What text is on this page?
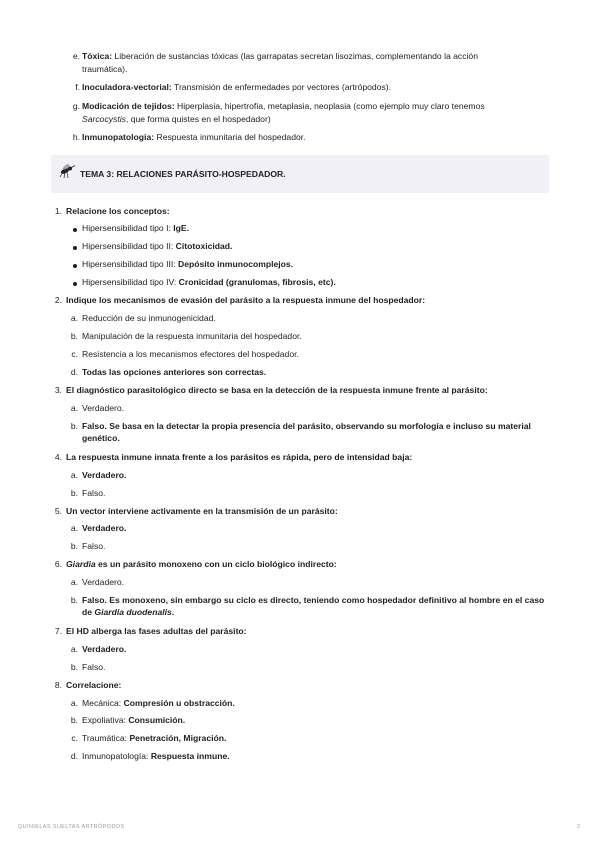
e. Tóxica: Liberación de sustancias tóxicas (las garrapatas secretan lisozimas, complementando la acción
traumática).
f. Inoculadora-vectorial: Transmisión de enfermedades por vectores (artrópodos).
g. Modicación de tejidos: Hiperplasia, hipertrofia, metaplasia, neoplasia (como ejemplo muy claro tenemos
Sarcocystis, que forma quistes en el hospedador)
h. Inmunopatología: Respuesta inmunitaria del hospedador.
TEMA 3: RELACIONES PARÁSITO-HOSPEDADOR.
1. Relacione los conceptos:
Hipersensibilidad tipo I: IgE.
Hipersensibilidad tipo II: Citotoxicidad.
Hipersensibilidad tipo III: Depósito inmunocomplejos.
Hipersensibilidad tipo IV: Cronicidad (granulomas, fibrosis, etc).
2. Indique los mecanismos de evasión del parásito a la respuesta inmune del hospedador:
a. Reducción de su inmunogenicidad.
b. Manipulación de la respuesta inmunitaria del hospedador.
c. Resistencia a los mecanismos efectores del hospedador.
d. Todas las opciones anteriores son correctas.
3. El diagnóstico parasitológico directo se basa en la detección de la respuesta inmune frente al parásito:
a. Verdadero.
b. Falso. Se basa en la detectar la propia presencia del parásito, observando su morfología e incluso su material
genético.
4. La respuesta inmune innata frente a los parásitos es rápida, pero de intensidad baja:
a. Verdadero.
b. Falso.
5. Un vector interviene activamente en la transmisión de un parásito:
a. Verdadero.
b. Falso.
6. Giardia es un parásito monoxeno con un ciclo biológico indirecto:
a. Verdadero.
b. Falso. Es monoxeno, sin embargo su ciclo es directo, teniendo como hospedador definitivo al hombre en el caso
de Giardia duodenalis.
7. El HD alberga las fases adultas del parásito:
a. Verdadero.
b. Falso.
8. Correlacione:
a. Mecánica: Compresión u obstracción.
b. Expoliativa: Consumición.
c. Traumática: Penetración, Migración.
d. Inmunopatología: Respuesta inmune.
QUINIELAS SUELTAS ARTRÓPODOS	2
